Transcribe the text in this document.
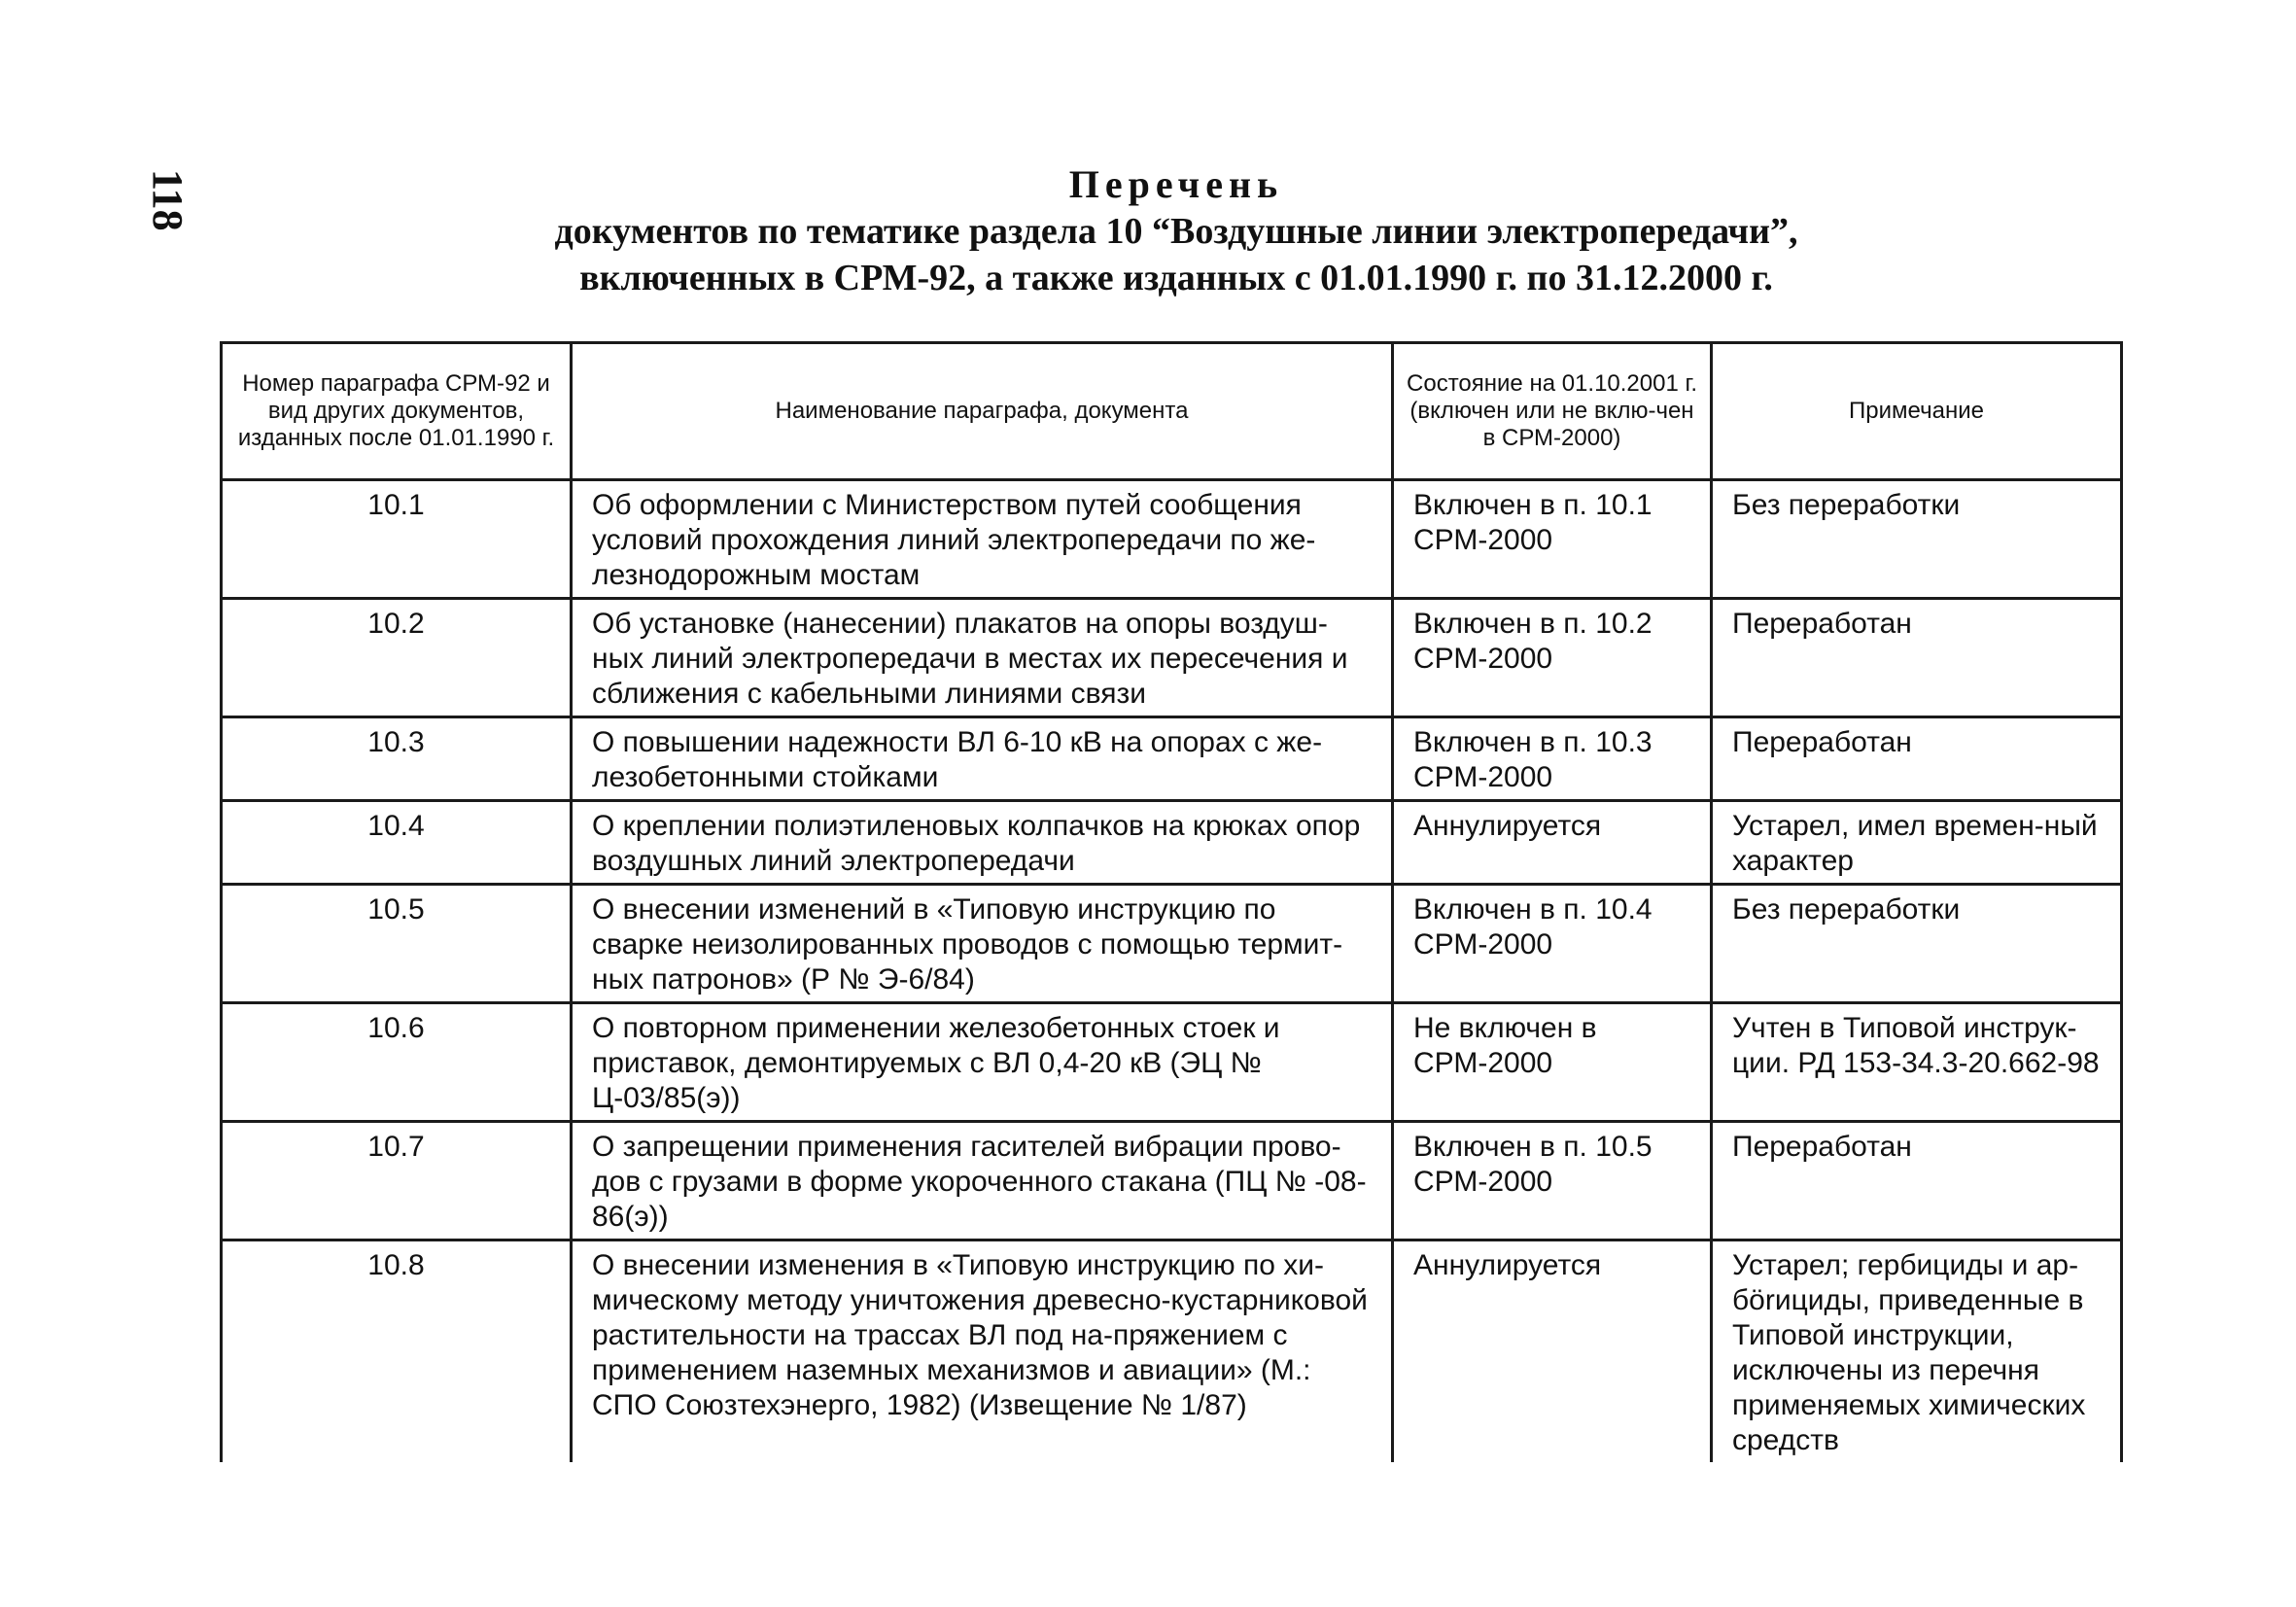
118	Перечень
документов по тематике раздела 10 “Воздушные линии электропередачи”,
включенных в СРМ-92, а также изданных с 01.01.1990 г. по 31.12.2000 г.
Номер параграфа СРМ-92 и вид других документов, изданных после 01.01.1990 г.	Наименование параграфа, документа	Состояние на 01.10.2001 г. (включен или не вклю-чен в СРМ-2000)	Примечание
10.1	Об оформлении с Министерством путей сообщения условий прохождения линий электропередачи по же-лезнодорожным мостам	Включен в п. 10.1 СРМ-2000	Без переработки
10.2	Об установке (нанесении) плакатов на опоры воздуш-ных линий электропередачи в местах их пересечения и сближения с кабельными линиями связи	Включен в п. 10.2 СРМ-2000	Переработан
10.3	О повышении надежности ВЛ 6-10 кВ на опорах с же-лезобетонными стойками	Включен в п. 10.3 СРМ-2000	Переработан
10.4	О креплении полиэтиленовых колпачков на крюках опор воздушных линий электропередачи	Аннулируется	Устарел, имел времен-ный характер
10.5	О внесении изменений в «Типовую инструкцию по сварке неизолированных проводов с помощью термит-ных патронов» (Р № Э-6/84)	Включен в п. 10.4 СРМ-2000	Без переработки
10.6	О повторном применении железобетонных стоек и приставок, демонтируемых с ВЛ 0,4-20 кВ (ЭЦ № Ц-03/85(э))	Не включен в СРМ-2000	Учтен в Типовой инструк-ции. РД 153-34.3-20.662-98
10.7	О запрещении применения гасителей вибрации прово-дов с грузами в форме укороченного стакана (ПЦ № -08-86(э))	Включен в п. 10.5 СРМ-2000	Переработан
10.8	О внесении изменения в «Типовую инструкцию по хи-мическому методу уничтожения древесно-кустарниковой растительности на трассах ВЛ под на-пряжением с применением наземных механизмов и авиации» (М.: СПО Союзтехэнерго, 1982) (Извещение № 1/87)	Аннулируется	Устарел; гербициды и ар-бörициды, приведенные в Типовой инструкции, исключены из перечня применяемых химических средств
